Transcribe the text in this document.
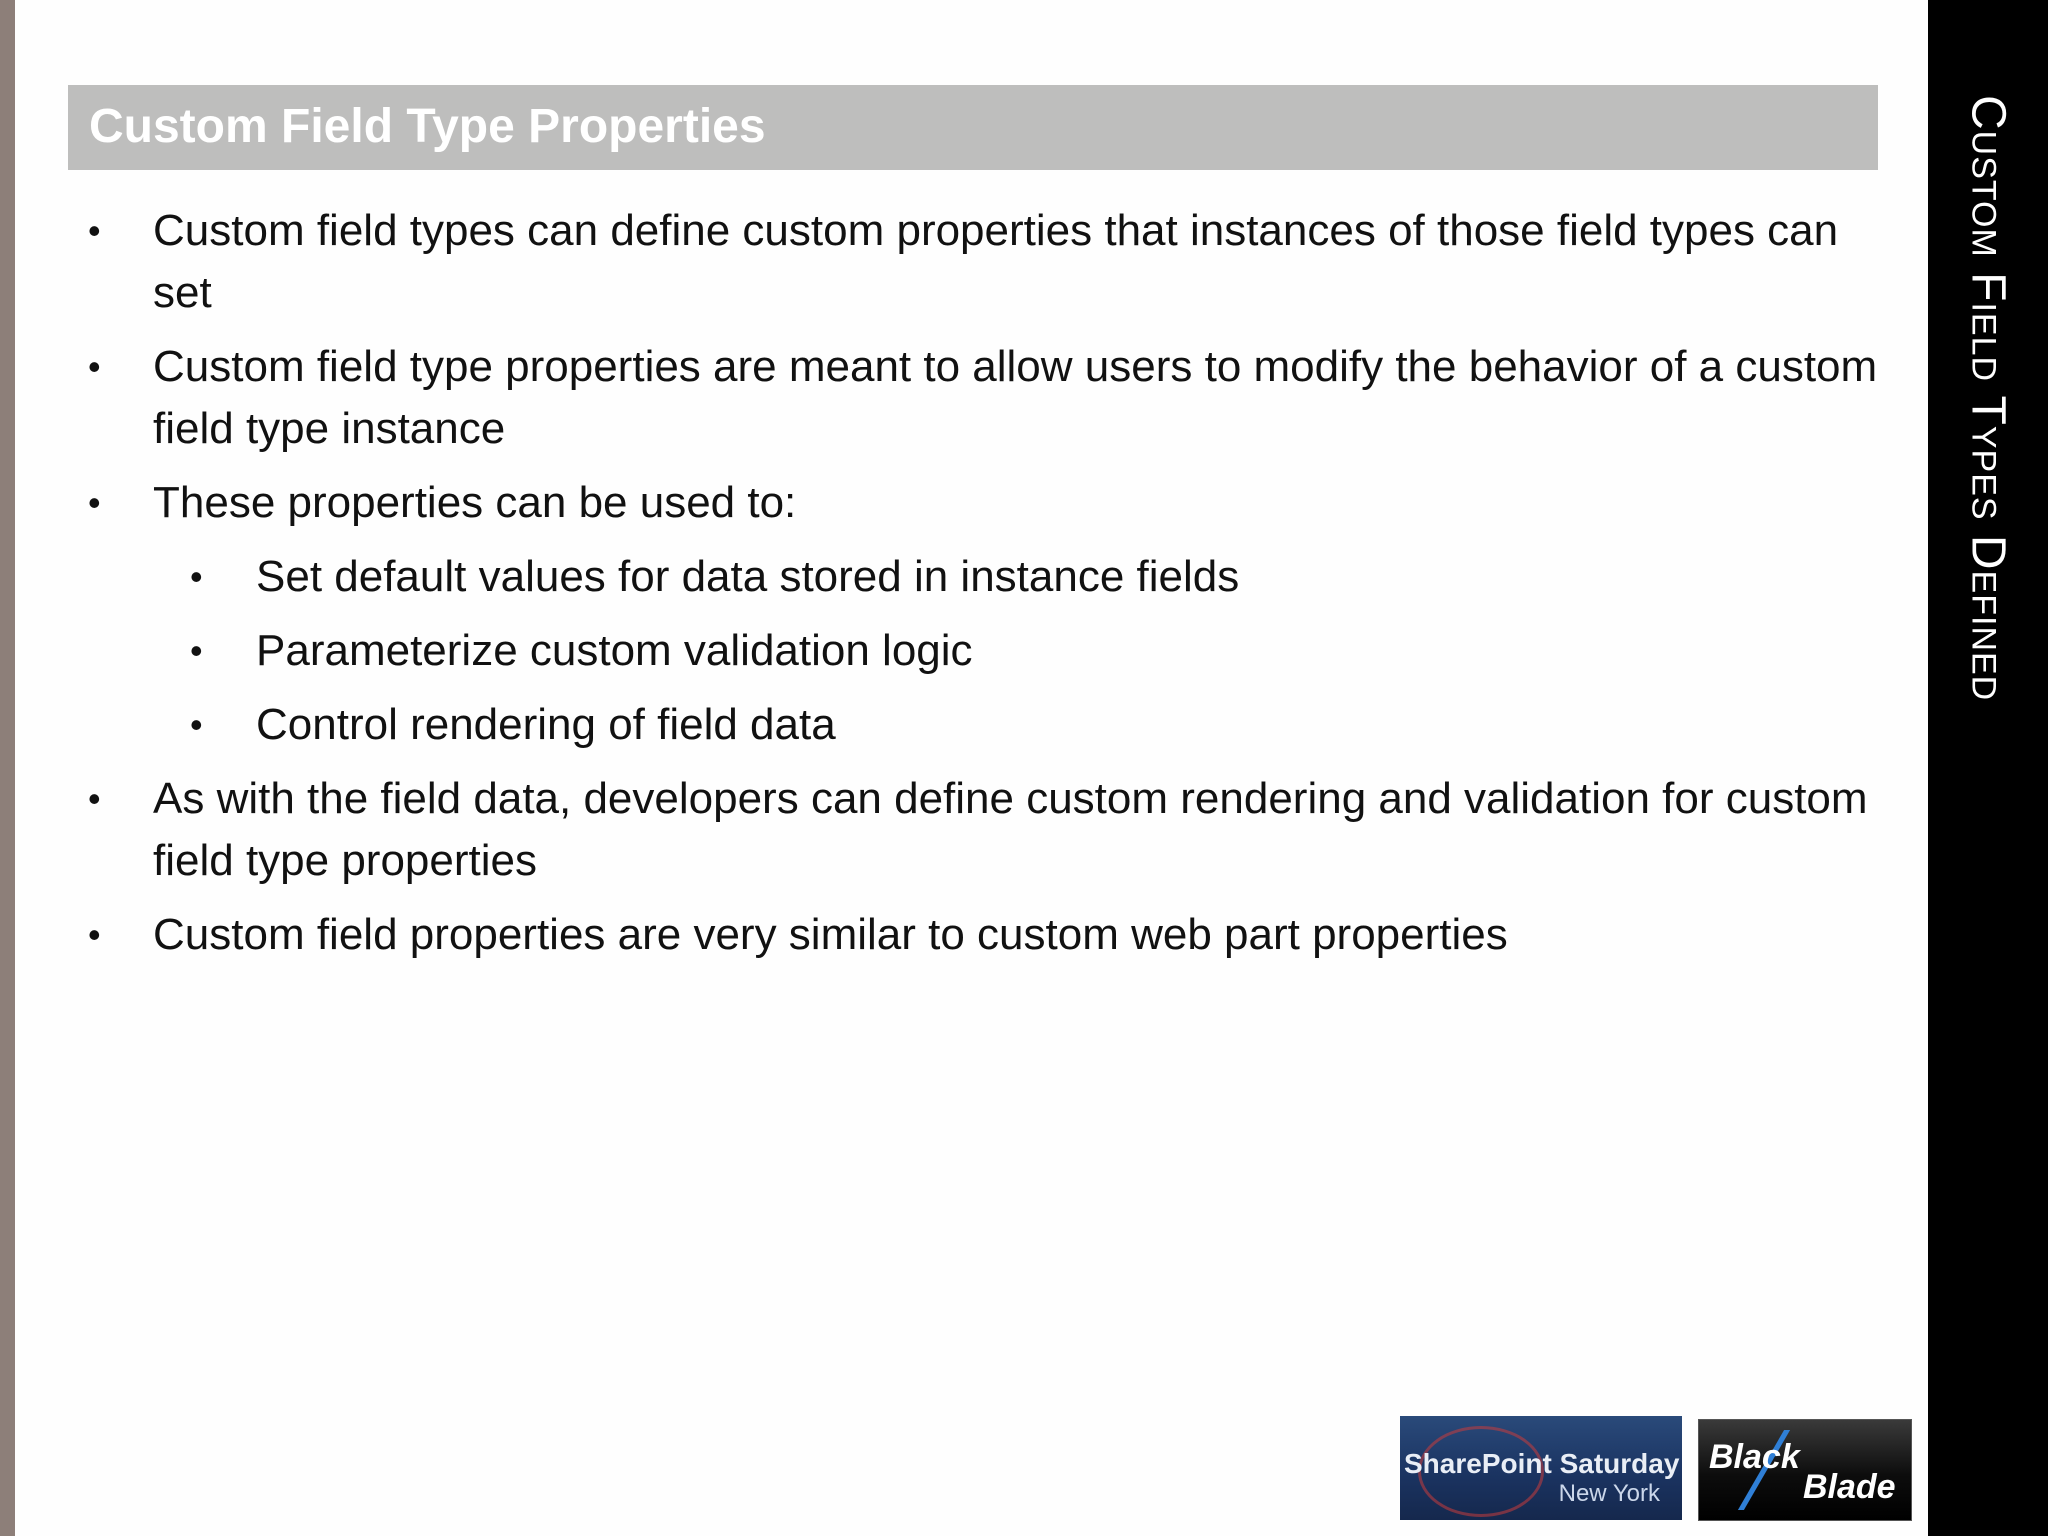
Custom Field Type Properties
•	Custom field types can define custom properties that instances of those field types can set
•	Custom field type properties are meant to allow users to modify the behavior of a custom field type instance
•	These properties can be used to:
•	Set default values for data stored in instance fields
•	Parameterize custom validation logic
•	Control rendering of field data
•	As with the field data, developers can define custom rendering and validation for custom field type properties
•	Custom field properties are very similar to custom web part properties
Custom Field Types Defined
SharePoint Saturday
New York
Black
Blade
